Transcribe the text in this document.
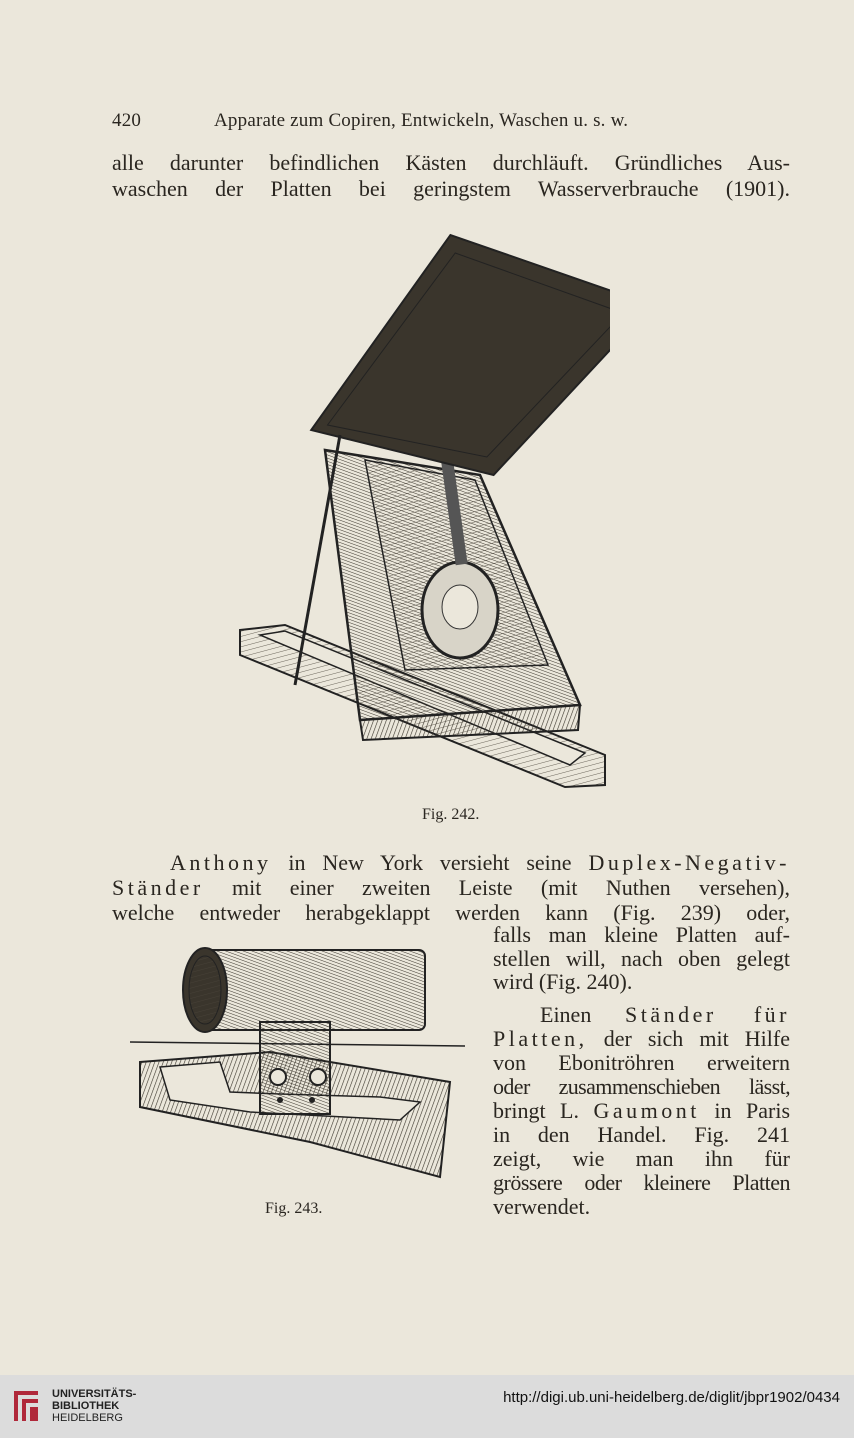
420	Apparate zum Copiren, Entwickeln, Waschen u. s. w.
alle darunter befindlichen Kästen durchläuft. Gründliches Aus-
waschen der Platten bei geringstem Wasserverbrauche (1901).
Fig. 242.
Anthony in New York versieht seine Duplex-Negativ-
Ständer mit einer zweiten Leiste (mit Nuthen versehen),
welche entweder herabgeklappt werden kann (Fig. 239) oder,
falls man kleine Platten auf-
stellen will, nach oben gelegt
wird (Fig. 240).
Fig. 243.
Einen Ständer für
Platten, der sich mit Hilfe
von Ebonitröhren erweitern
oder zusammenschieben lässt,
bringt L. Gaumont in Paris
in den Handel. Fig. 241
zeigt, wie man ihn für
grössere oder kleinere Platten
verwendet.
UNIVERSITÄTS-
BIBLIOTHEK
HEIDELBERG
http://digi.ub.uni-heidelberg.de/diglit/jbpr1902/0434
